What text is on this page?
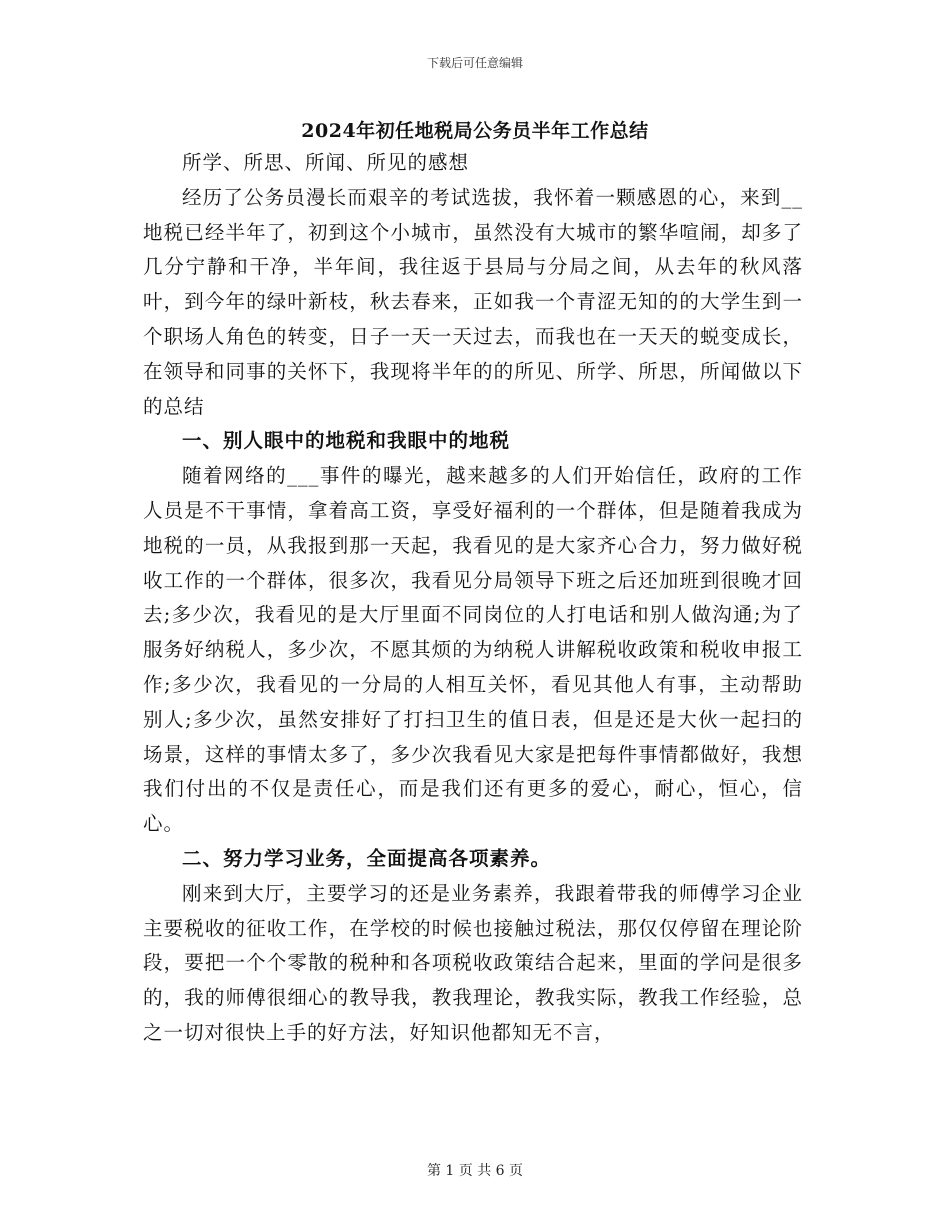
下载后可任意编辑
2024年初任地税局公务员半年工作总结

所学、所思、所闻、所见的感想

经历了公务员漫长而艰辛的考试选拔，我怀着一颗感恩的心，来到__地税已经半年了，初到这个小城市，虽然没有大城市的繁华喧闹，却多了几分宁静和干净，半年间，我往返于县局与分局之间，从去年的秋风落叶，到今年的绿叶新枝，秋去春来，正如我一个青涩无知的的大学生到一个职场人角色的转变，日子一天一天过去，而我也在一天天的蜕变成长，在领导和同事的关怀下，我现将半年的的所见、所学、所思，所闻做以下的总结

一、别人眼中的地税和我眼中的地税

随着网络的___事件的曝光，越来越多的人们开始信任，政府的工作人员是不干事情，拿着高工资，享受好福利的一个群体，但是随着我成为地税的一员，从我报到那一天起，我看见的是大家齐心合力，努力做好税收工作的一个群体，很多次，我看见分局领导下班之后还加班到很晚才回去;多少次，我看见的是大厅里面不同岗位的人打电话和别人做沟通;为了服务好纳税人，多少次，不愿其烦的为纳税人讲解税收政策和税收申报工作;多少次，我看见的一分局的人相互关怀，看见其他人有事，主动帮助别人;多少次，虽然安排好了打扫卫生的值日表，但是还是大伙一起扫的场景，这样的事情太多了，多少次我看见大家是把每件事情都做好，我想我们付出的不仅是责任心，而是我们还有更多的爱心，耐心，恒心，信心。

二、努力学习业务，全面提高各项素养。

刚来到大厅，主要学习的还是业务素养，我跟着带我的师傅学习企业主要税收的征收工作，在学校的时候也接触过税法，那仅仅停留在理论阶段，要把一个个零散的税种和各项税收政策结合起来，里面的学问是很多的，我的师傅很细心的教导我，教我理论，教我实际，教我工作经验，总之一切对很快上手的好方法，好知识他都知无不言，

第 1 页 共 6 页
